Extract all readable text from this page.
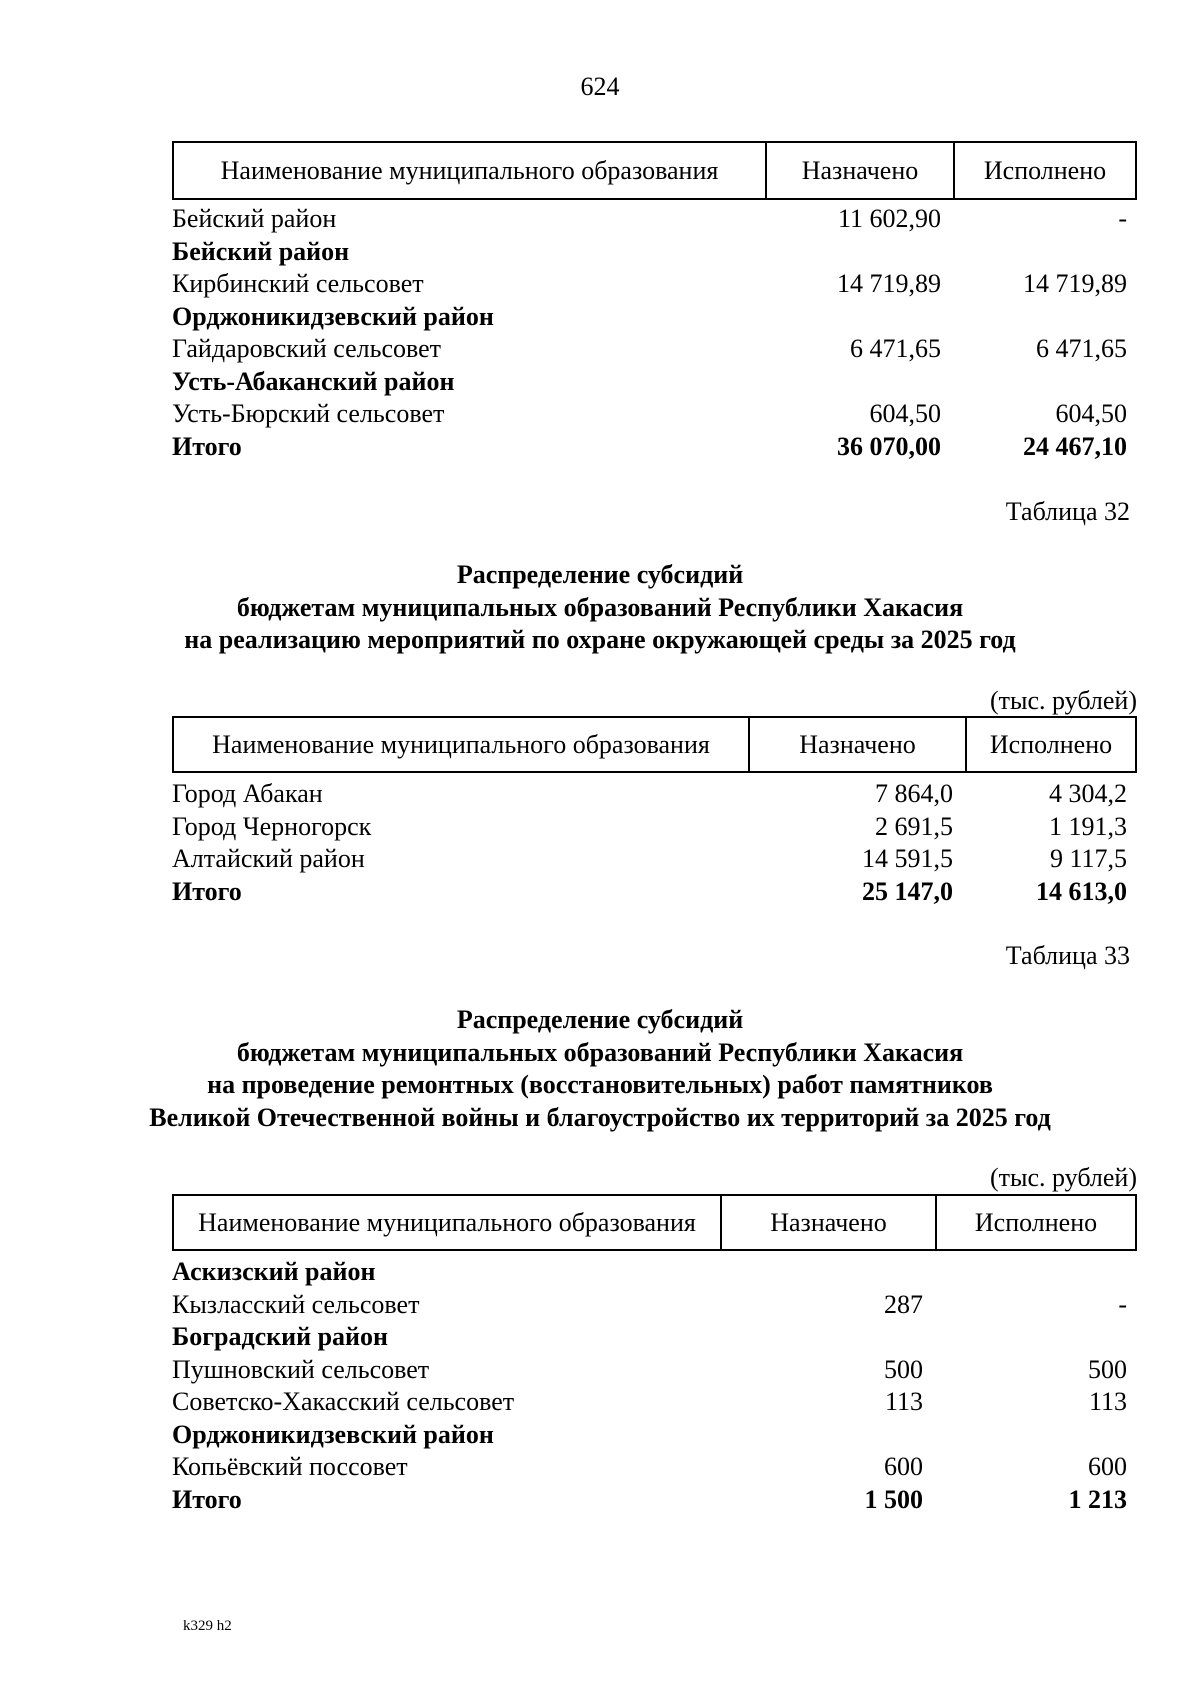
624
Наименование муниципального образования	Назначено	Исполнено
Бейский район	11 602,90	-
Бейский район
Кирбинский сельсовет	14 719,89	14 719,89
Орджоникидзевский район
Гайдаровский сельсовет	6 471,65	6 471,65
Усть-Абаканский район
Усть-Бюрский сельсовет	604,50	604,50
Итого	36 070,00	24 467,10
Таблица 32
Распределение субсидий
бюджетам муниципальных образований Республики Хакасия
на реализацию мероприятий по охране окружающей среды за 2025 год
(тыс. рублей)
Наименование муниципального образования	Назначено	Исполнено
Город Абакан	7 864,0	4 304,2
Город Черногорск	2 691,5	1 191,3
Алтайский район	14 591,5	9 117,5
Итого	25 147,0	14 613,0
Таблица 33
Распределение субсидий
бюджетам муниципальных образований Республики Хакасия
на проведение ремонтных (восстановительных) работ памятников
Великой Отечественной войны и благоустройство их территорий за 2025 год
(тыс. рублей)
Наименование муниципального образования	Назначено	Исполнено
Аскизский район
Кызласский сельсовет	287	-
Боградский район
Пушновский сельсовет	500	500
Советско-Хакасский сельсовет	113	113
Орджоникидзевский район
Копьёвский поссовет	600	600
Итого	1 500	1 213
k329 h2
